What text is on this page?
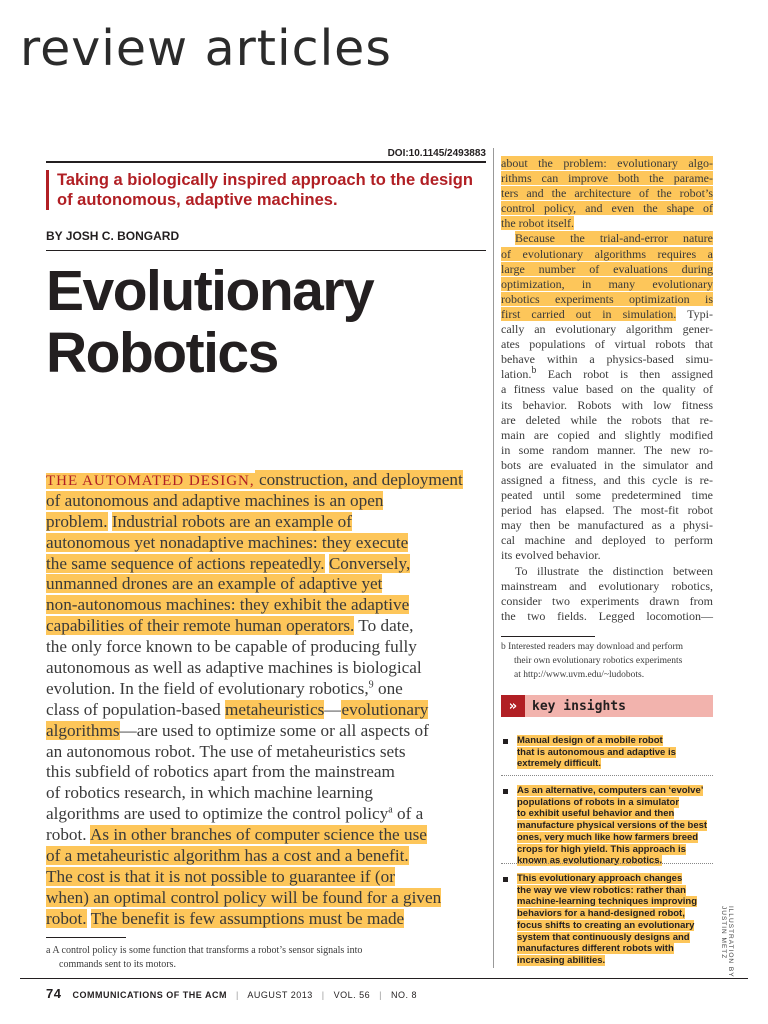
review articles
DOI:10.1145/2493883

Taking a biologically inspired approach to the design of autonomous, adaptive machines.

BY JOSH C. BONGARD
Evolutionary
Robotics
THE AUTOMATED DESIGN, construction, and deployment
of autonomous and adaptive machines is an open
problem. Industrial robots are an example of
autonomous yet nonadaptive machines: they execute
the same sequence of actions repeatedly. Conversely,
unmanned drones are an example of adaptive yet
non-autonomous machines: they exhibit the adaptive
capabilities of their remote human operators. To date,
the only force known to be capable of producing fully
autonomous as well as adaptive machines is biological
evolution. In the field of evolutionary robotics,$^9$ one
class of population-based metaheuristics—evolutionary
algorithms—are used to optimize some or all aspects of
an autonomous robot. The use of metaheuristics sets
this subfield of robotics apart from the mainstream
of robotics research, in which machine learning
algorithms are used to optimize the control policy$^a$ of a
robot. As in other branches of computer science the use
of a metaheuristic algorithm has a cost and a benefit.
The cost is that it is not possible to guarantee if (or
when) an optimal control policy will be found for a given
robot. The benefit is few assumptions must be made
a A control policy is some function that transforms a robot’s sensor signals into
commands sent to its motors.
74 COMMUNICATIONS OF THE ACM | AUGUST 2013 | VOL. 56 | NO. 8
about the problem: evolutionary algo-
rithms can improve both the parame-
ters and the architecture of the robot’s
control policy, and even the shape of
the robot itself.
Because the trial-and-error nature
of evolutionary algorithms requires a
large number of evaluations during
optimization, in many evolutionary
robotics experiments optimization is
first carried out in simulation. Typi-
cally an evolutionary algorithm gener-
ates populations of virtual robots that
behave within a physics-based simu-
lation.$^b$ Each robot is then assigned
a fitness value based on the quality of
its behavior. Robots with low fitness
are deleted while the robots that re-
main are copied and slightly modified
in some random manner. The new ro-
bots are evaluated in the simulator and
assigned a fitness, and this cycle is re-
peated until some predetermined time
period has elapsed. The most-fit robot
may then be manufactured as a physi-
cal machine and deployed to perform
its evolved behavior.
To illustrate the distinction between
mainstream and evolutionary robotics,
consider two experiments drawn from
the two fields. Legged locomotion—
b Interested readers may download and perform
their own evolutionary robotics experiments
at http://www.uvm.edu/~ludobots.
»	key insights
Manual design of a mobile robot
that is autonomous and adaptive is
extremely difficult.
As an alternative, computers can ‘evolve’
populations of robots in a simulator
to exhibit useful behavior and then
manufacture physical versions of the best
ones, very much like how farmers breed
crops for high yield. This approach is
known as evolutionary robotics.
This evolutionary approach changes
the way we view robotics: rather than
machine-learning techniques improving
behaviors for a hand-designed robot,
focus shifts to creating an evolutionary
system that continuously designs and
manufactures different robots with
increasing abilities.	ILLUSTRATION BY JUSTIN METZ
